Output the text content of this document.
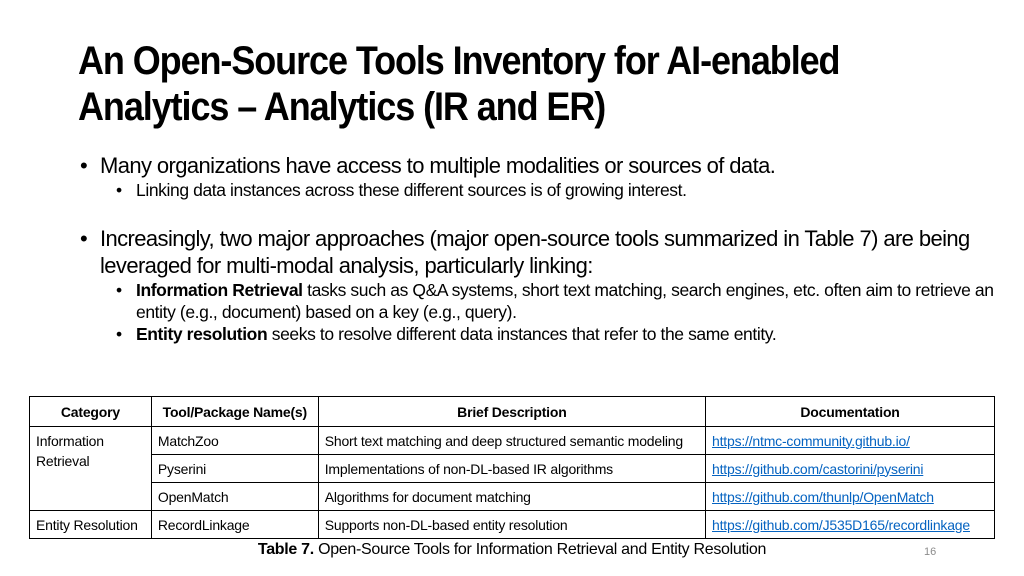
An Open-Source Tools Inventory for AI-enabled Analytics – Analytics (IR and ER)
• Many organizations have access to multiple modalities or sources of data.
• Linking data instances across these different sources is of growing interest.
• Increasingly, two major approaches (major open-source tools summarized in Table 7) are being leveraged for multi-modal analysis, particularly linking:
• Information Retrieval tasks such as Q&A systems, short text matching, search engines, etc. often aim to retrieve an entity (e.g., document) based on a key (e.g., query).
• Entity resolution seeks to resolve different data instances that refer to the same entity.
Category	Tool/Package Name(s)	Brief Description	Documentation
Information Retrieval	MatchZoo	Short text matching and deep structured semantic modeling	https://ntmc-community.github.io/
	Pyserini	Implementations of non-DL-based IR algorithms	https://github.com/castorini/pyserini
	OpenMatch	Algorithms for document matching	https://github.com/thunlp/OpenMatch
Entity Resolution	RecordLinkage	Supports non-DL-based entity resolution	https://github.com/J535D165/recordlinkage
Table 7. Open-Source Tools for Information Retrieval and Entity Resolution	16
